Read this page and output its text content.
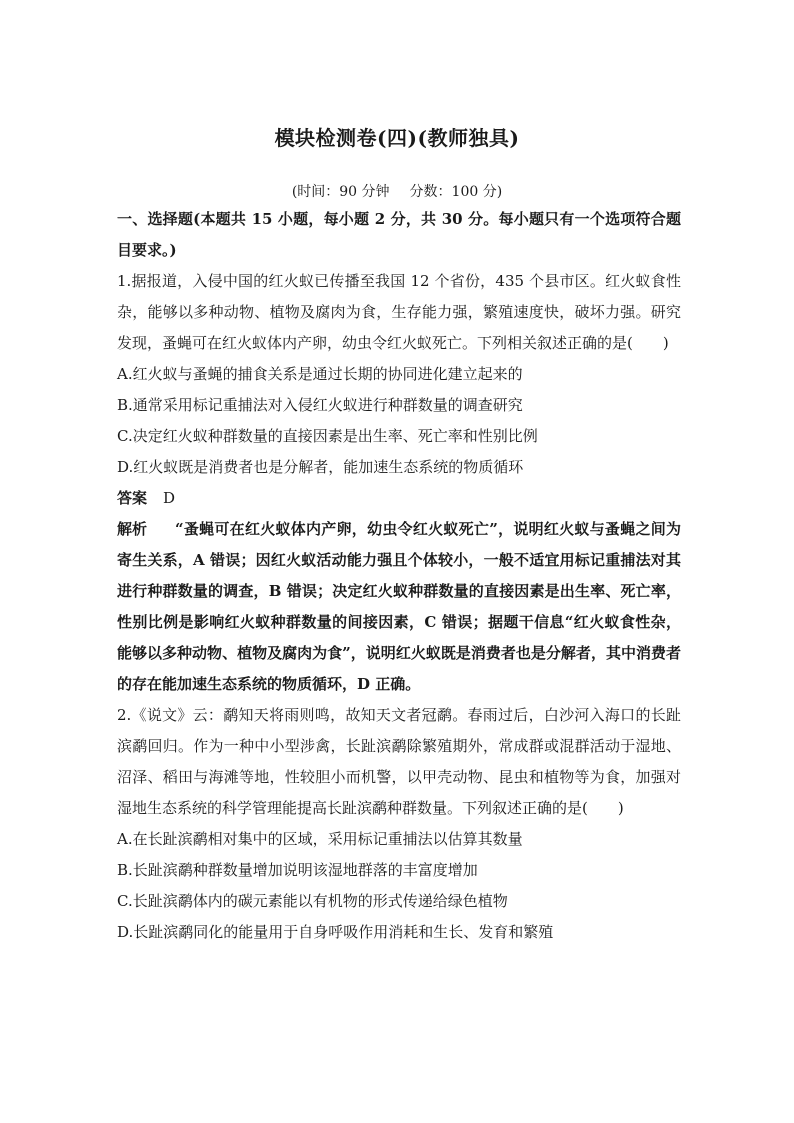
模块检测卷(四)(教师独具)
(时间：90 分钟 分数：100 分)

一、选择题(本题共 15 小题，每小题 2 分，共 30 分。每小题只有一个选项符合题目要求。)

1.据报道，入侵中国的红火蚁已传播至我国 12 个省份，435 个县市区。红火蚁食性杂，能够以多种动物、植物及腐肉为食，生存能力强，繁殖速度快，破坏力强。研究发现，蚤蝇可在红火蚁体内产卵，幼虫令红火蚁死亡。下列相关叙述正确的是(　　)

A.红火蚁与蚤蝇的捕食关系是通过长期的协同进化建立起来的

B.通常采用标记重捕法对入侵红火蚁进行种群数量的调查研究

C.决定红火蚁种群数量的直接因素是出生率、死亡率和性别比例

D.红火蚁既是消费者也是分解者，能加速生态系统的物质循环

答案 D

解析 “蚤蝇可在红火蚁体内产卵，幼虫令红火蚁死亡”，说明红火蚁与蚤蝇之间为寄生关系，A 错误；因红火蚁活动能力强且个体较小，一般不适宜用标记重捕法对其进行种群数量的调查，B 错误；决定红火蚁种群数量的直接因素是出生率、死亡率，性别比例是影响红火蚁种群数量的间接因素，C 错误；据题干信息“红火蚁食性杂，能够以多种动物、植物及腐肉为食”，说明红火蚁既是消费者也是分解者，其中消费者的存在能加速生态系统的物质循环，D 正确。

2.《说文》云：鹬知天将雨则鸣，故知天文者冠鹬。春雨过后，白沙河入海口的长趾滨鹬回归。作为一种中小型涉禽，长趾滨鹬除繁殖期外，常成群或混群活动于湿地、沼泽、稻田与海滩等地，性较胆小而机警，以甲壳动物、昆虫和植物等为食，加强对湿地生态系统的科学管理能提高长趾滨鹬种群数量。下列叙述正确的是(　　)

A.在长趾滨鹬相对集中的区域，采用标记重捕法以估算其数量

B.长趾滨鹬种群数量增加说明该湿地群落的丰富度增加

C.长趾滨鹬体内的碳元素能以有机物的形式传递给绿色植物

D.长趾滨鹬同化的能量用于自身呼吸作用消耗和生长、发育和繁殖
